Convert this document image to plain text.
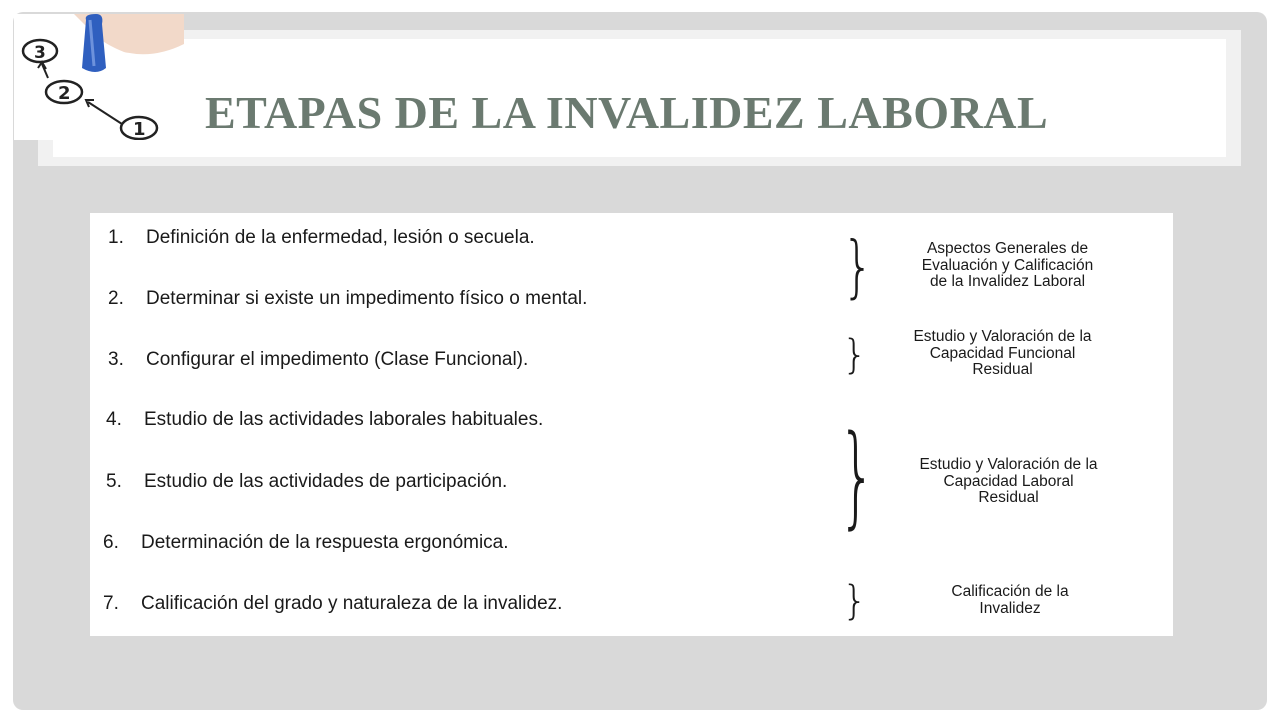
3
2
1 ETAPAS DE LA INVALIDEZ LABORAL
1. Definición de la enfermedad, lesión o secuela.
2. Determinar si existe un impedimento físico o mental.
3. Configurar el impedimento (Clase Funcional).
4. Estudio de las actividades laborales habituales.
5. Estudio de las actividades de participación.
6. Determinación de la respuesta ergonómica.
7. Calificación del grado y naturaleza de la invalidez.
}
}
}
}
Aspectos Generales de
Evaluación y Calificación
de la Invalidez Laboral
Estudio y Valoración de la
Capacidad Funcional
Residual
Estudio y Valoración de la
Capacidad Laboral
Residual
Calificación de la
Invalidez
